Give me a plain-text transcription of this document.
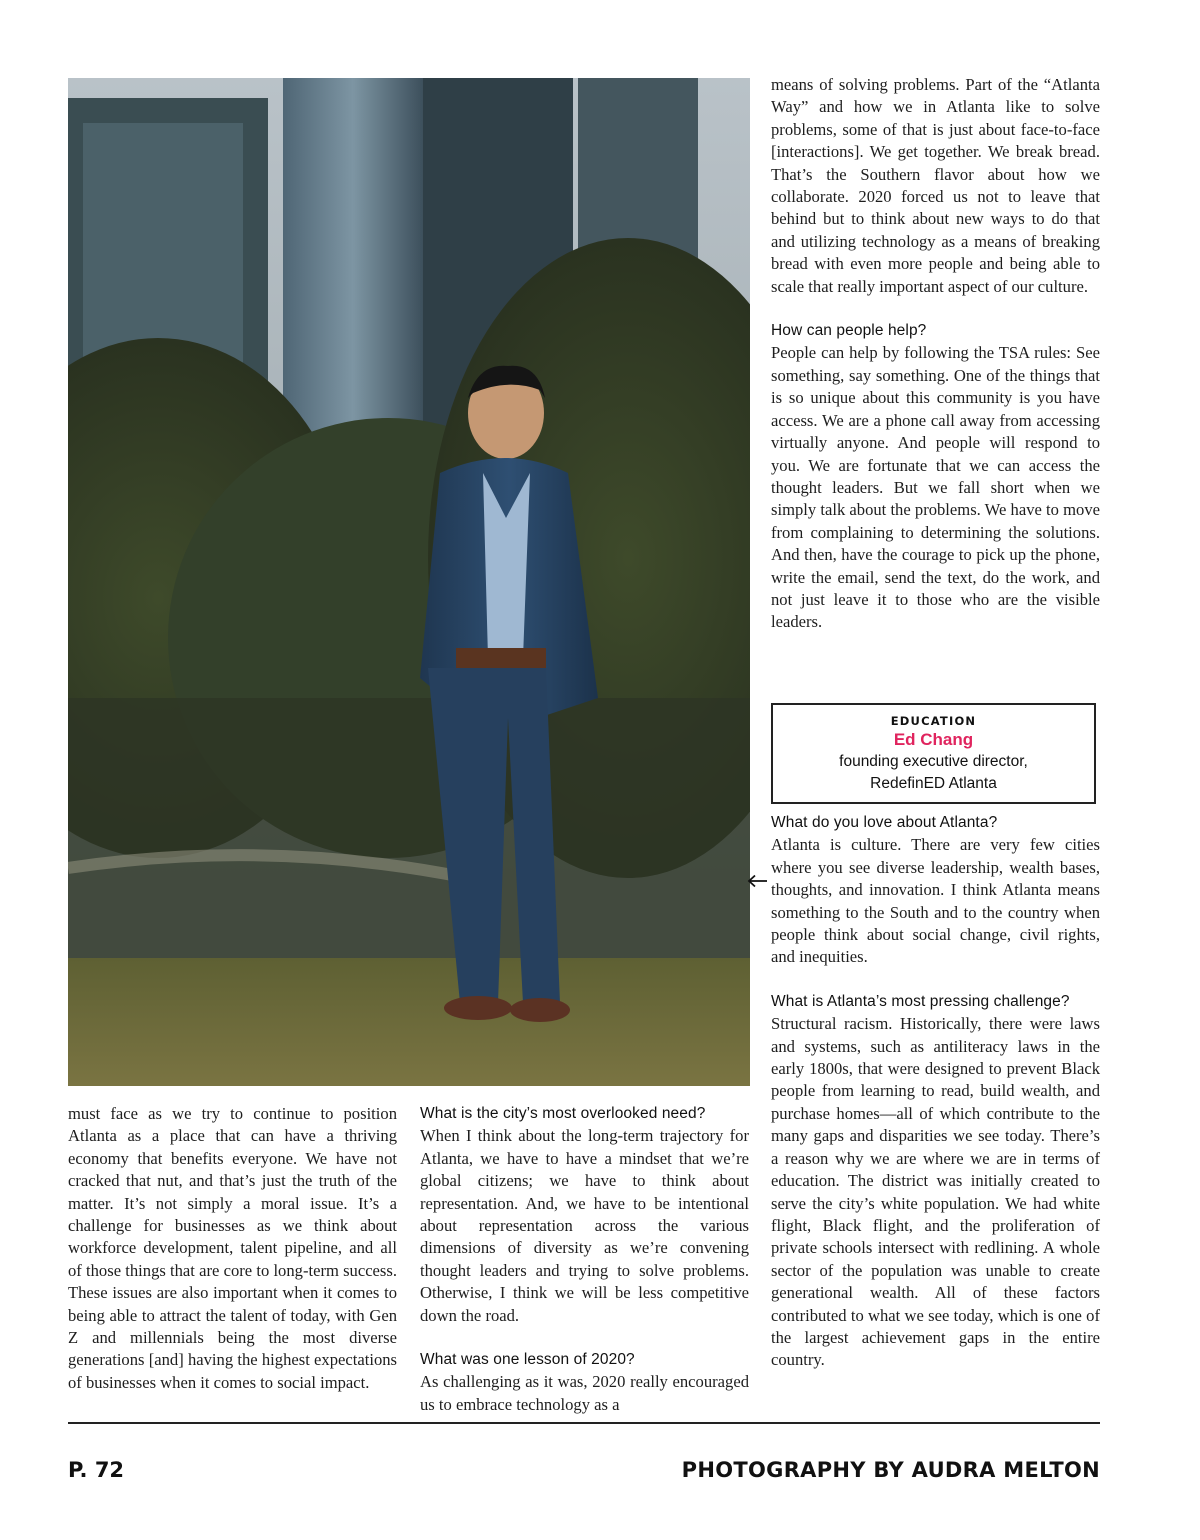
means of solving problems. Part of the “Atlanta Way” and how we in Atlanta like to solve problems, some of that is just about face-to-face [interactions]. We get together. We break bread. That’s the Southern flavor about how we collaborate. 2020 forced us not to leave that behind but to think about new ways to do that and utilizing technology as a means of breaking bread with even more people and being able to scale that really important aspect of our culture.

How can people help?

People can help by following the TSA rules: See something, say something. One of the things that is so unique about this community is you have access. We are a phone call away from accessing virtually anyone. And people will respond to you. We are fortunate that we can access the thought leaders. But we fall short when we simply talk about the problems. We have to move from complaining to determining the solutions. And then, have the courage to pick up the phone, write the email, send the text, do the work, and not just leave it to those who are the visible leaders.

EDUCATION
Ed Chang
founding executive director,
RedefinED Atlanta
What do you love about Atlanta?

Atlanta is culture. There are very few cities where you see diverse leadership, wealth bases, thoughts, and innovation. I think Atlanta means something to the South and to the country when people think about social change, civil rights, and inequities.

What is Atlanta’s most pressing challenge?

Structural racism. Historically, there were laws and systems, such as antiliteracy laws in the early 1800s, that were designed to prevent Black people from learning to read, build wealth, and purchase homes—all of which contribute to the many gaps and disparities we see today. There’s a reason why we are where we are in terms of education. The district was initially created to serve the city’s white population. We had white flight, Black flight, and the proliferation of private schools intersect with redlining. A whole sector of the population was unable to create generational wealth. All of these factors contributed to what we see today, which is one of the largest achievement gaps in the entire country.

must face as we try to continue to position Atlanta as a place that can have a thriving economy that benefits everyone. We have not cracked that nut, and that’s just the truth of the matter. It’s not simply a moral issue. It’s a challenge for businesses as we think about workforce development, talent pipeline, and all of those things that are core to long-term success. These issues are also important when it comes to being able to attract the talent of today, with Gen Z and millennials being the most diverse generations [and] having the highest expectations of businesses when it comes to social impact.

What is the city’s most overlooked need?

When I think about the long-term trajectory for Atlanta, we have to have a mindset that we’re global citizens; we have to think about representation. And, we have to be intentional about representation across the various dimensions of diversity as we’re convening thought leaders and trying to solve problems. Otherwise, I think we will be less competitive down the road.

What was one lesson of 2020?

As challenging as it was, 2020 really encouraged us to embrace technology as a

P. 72	PHOTOGRAPHY BY AUDRA MELTON
